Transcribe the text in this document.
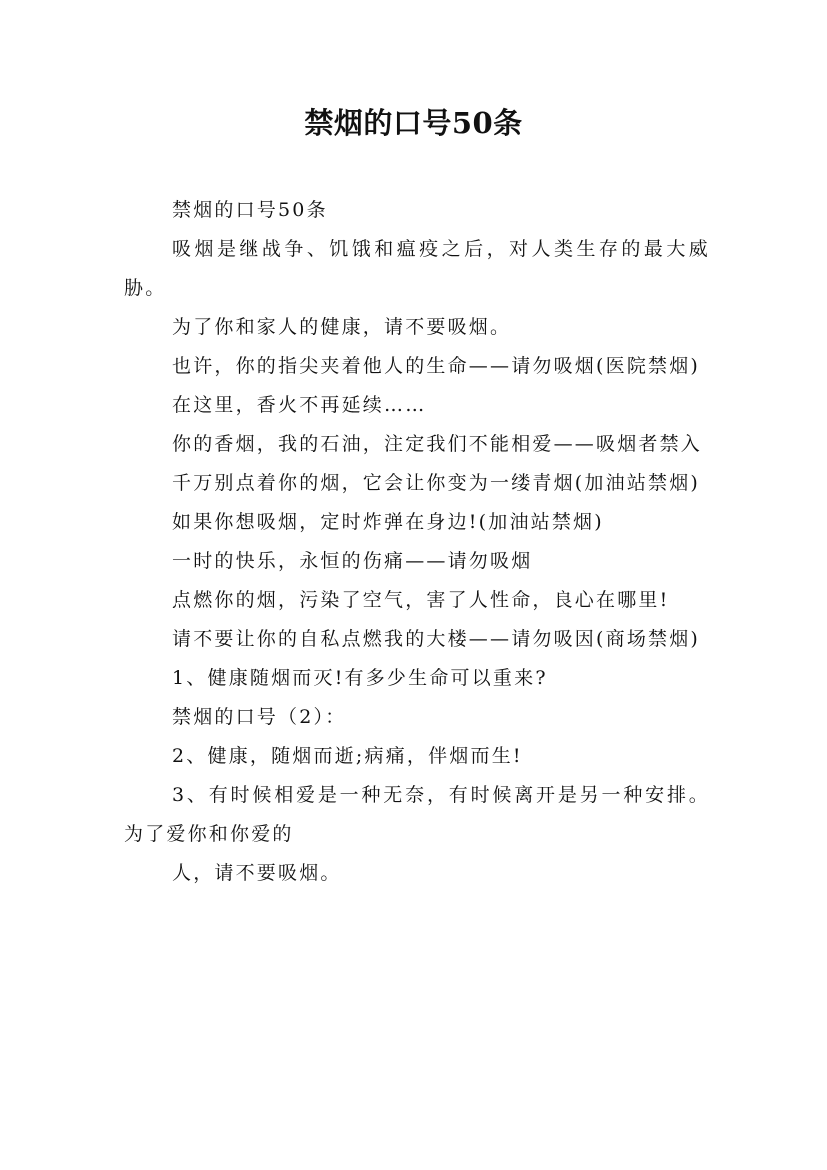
禁烟的口号50条

禁烟的口号50条

吸烟是继战争、饥饿和瘟疫之后，对人类生存的最大威胁。

为了你和家人的健康，请不要吸烟。

也许，你的指尖夹着他人的生命——请勿吸烟(医院禁烟)

在这里，香火不再延续……

你的香烟，我的石油，注定我们不能相爱——吸烟者禁入

千万别点着你的烟，它会让你变为一缕青烟(加油站禁烟)

如果你想吸烟，定时炸弹在身边!(加油站禁烟)

一时的快乐，永恒的伤痛——请勿吸烟

点燃你的烟，污染了空气，害了人性命，良心在哪里!

请不要让你的自私点燃我的大楼——请勿吸因(商场禁烟)

1、健康随烟而灭!有多少生命可以重来?

禁烟的口号（2）：

2、健康，随烟而逝;病痛，伴烟而生!

3、有时候相爱是一种无奈，有时候离开是另一种安排。为了爱你和你爱的

人，请不要吸烟。
